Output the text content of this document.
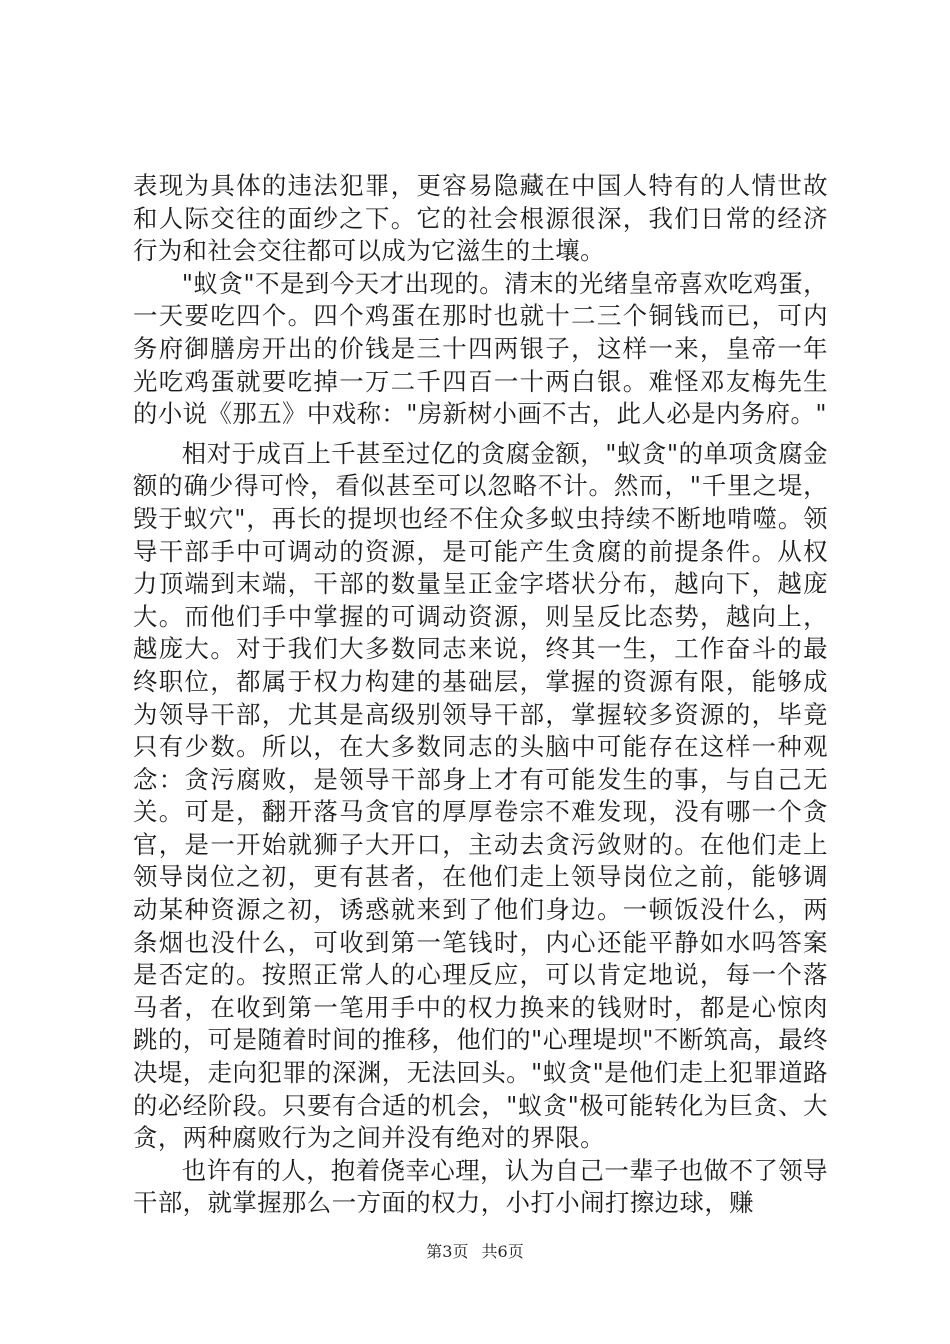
表现为具体的违法犯罪，更容易隐藏在中国人特有的人情世故和人际交往的面纱之下。它的社会根源很深，我们日常的经济行为和社会交往都可以成为它滋生的土壤。

"蚁贪"不是到今天才出现的。清末的光绪皇帝喜欢吃鸡蛋，一天要吃四个。四个鸡蛋在那时也就十二三个铜钱而已，可内务府御膳房开出的价钱是三十四两银子，这样一来，皇帝一年光吃鸡蛋就要吃掉一万二千四百一十两白银。难怪邓友梅先生的小说《那五》中戏称："房新树小画不古，此人必是内务府。"

相对于成百上千甚至过亿的贪腐金额，"蚁贪"的单项贪腐金额的确少得可怜，看似甚至可以忽略不计。然而，"千里之堤，毁于蚁穴"，再长的提坝也经不住众多蚁虫持续不断地啃噬。领导干部手中可调动的资源，是可能产生贪腐的前提条件。从权力顶端到末端，干部的数量呈正金字塔状分布，越向下，越庞大。而他们手中掌握的可调动资源，则呈反比态势，越向上，越庞大。对于我们大多数同志来说，终其一生，工作奋斗的最终职位，都属于权力构建的基础层，掌握的资源有限，能够成为领导干部，尤其是高级别领导干部，掌握较多资源的，毕竟只有少数。所以，在大多数同志的头脑中可能存在这样一种观念：贪污腐败，是领导干部身上才有可能发生的事，与自己无关。可是，翻开落马贪官的厚厚卷宗不难发现，没有哪一个贪官，是一开始就狮子大开口，主动去贪污敛财的。在他们走上领导岗位之初，更有甚者，在他们走上领导岗位之前，能够调动某种资源之初，诱惑就来到了他们身边。一顿饭没什么，两条烟也没什么，可收到第一笔钱时，内心还能平静如水吗答案是否定的。按照正常人的心理反应，可以肯定地说，每一个落马者，在收到第一笔用手中的权力换来的钱财时，都是心惊肉跳的，可是随着时间的推移，他们的"心理堤坝"不断筑高，最终决堤，走向犯罪的深渊，无法回头。"蚁贪"是他们走上犯罪道路的必经阶段。只要有合适的机会，"蚁贪"极可能转化为巨贪、大贪，两种腐败行为之间并没有绝对的界限。

也许有的人，抱着侥幸心理，认为自己一辈子也做不了领导干部，就掌握那么一方面的权力，小打小闹打擦边球，赚

第3页 共6页
